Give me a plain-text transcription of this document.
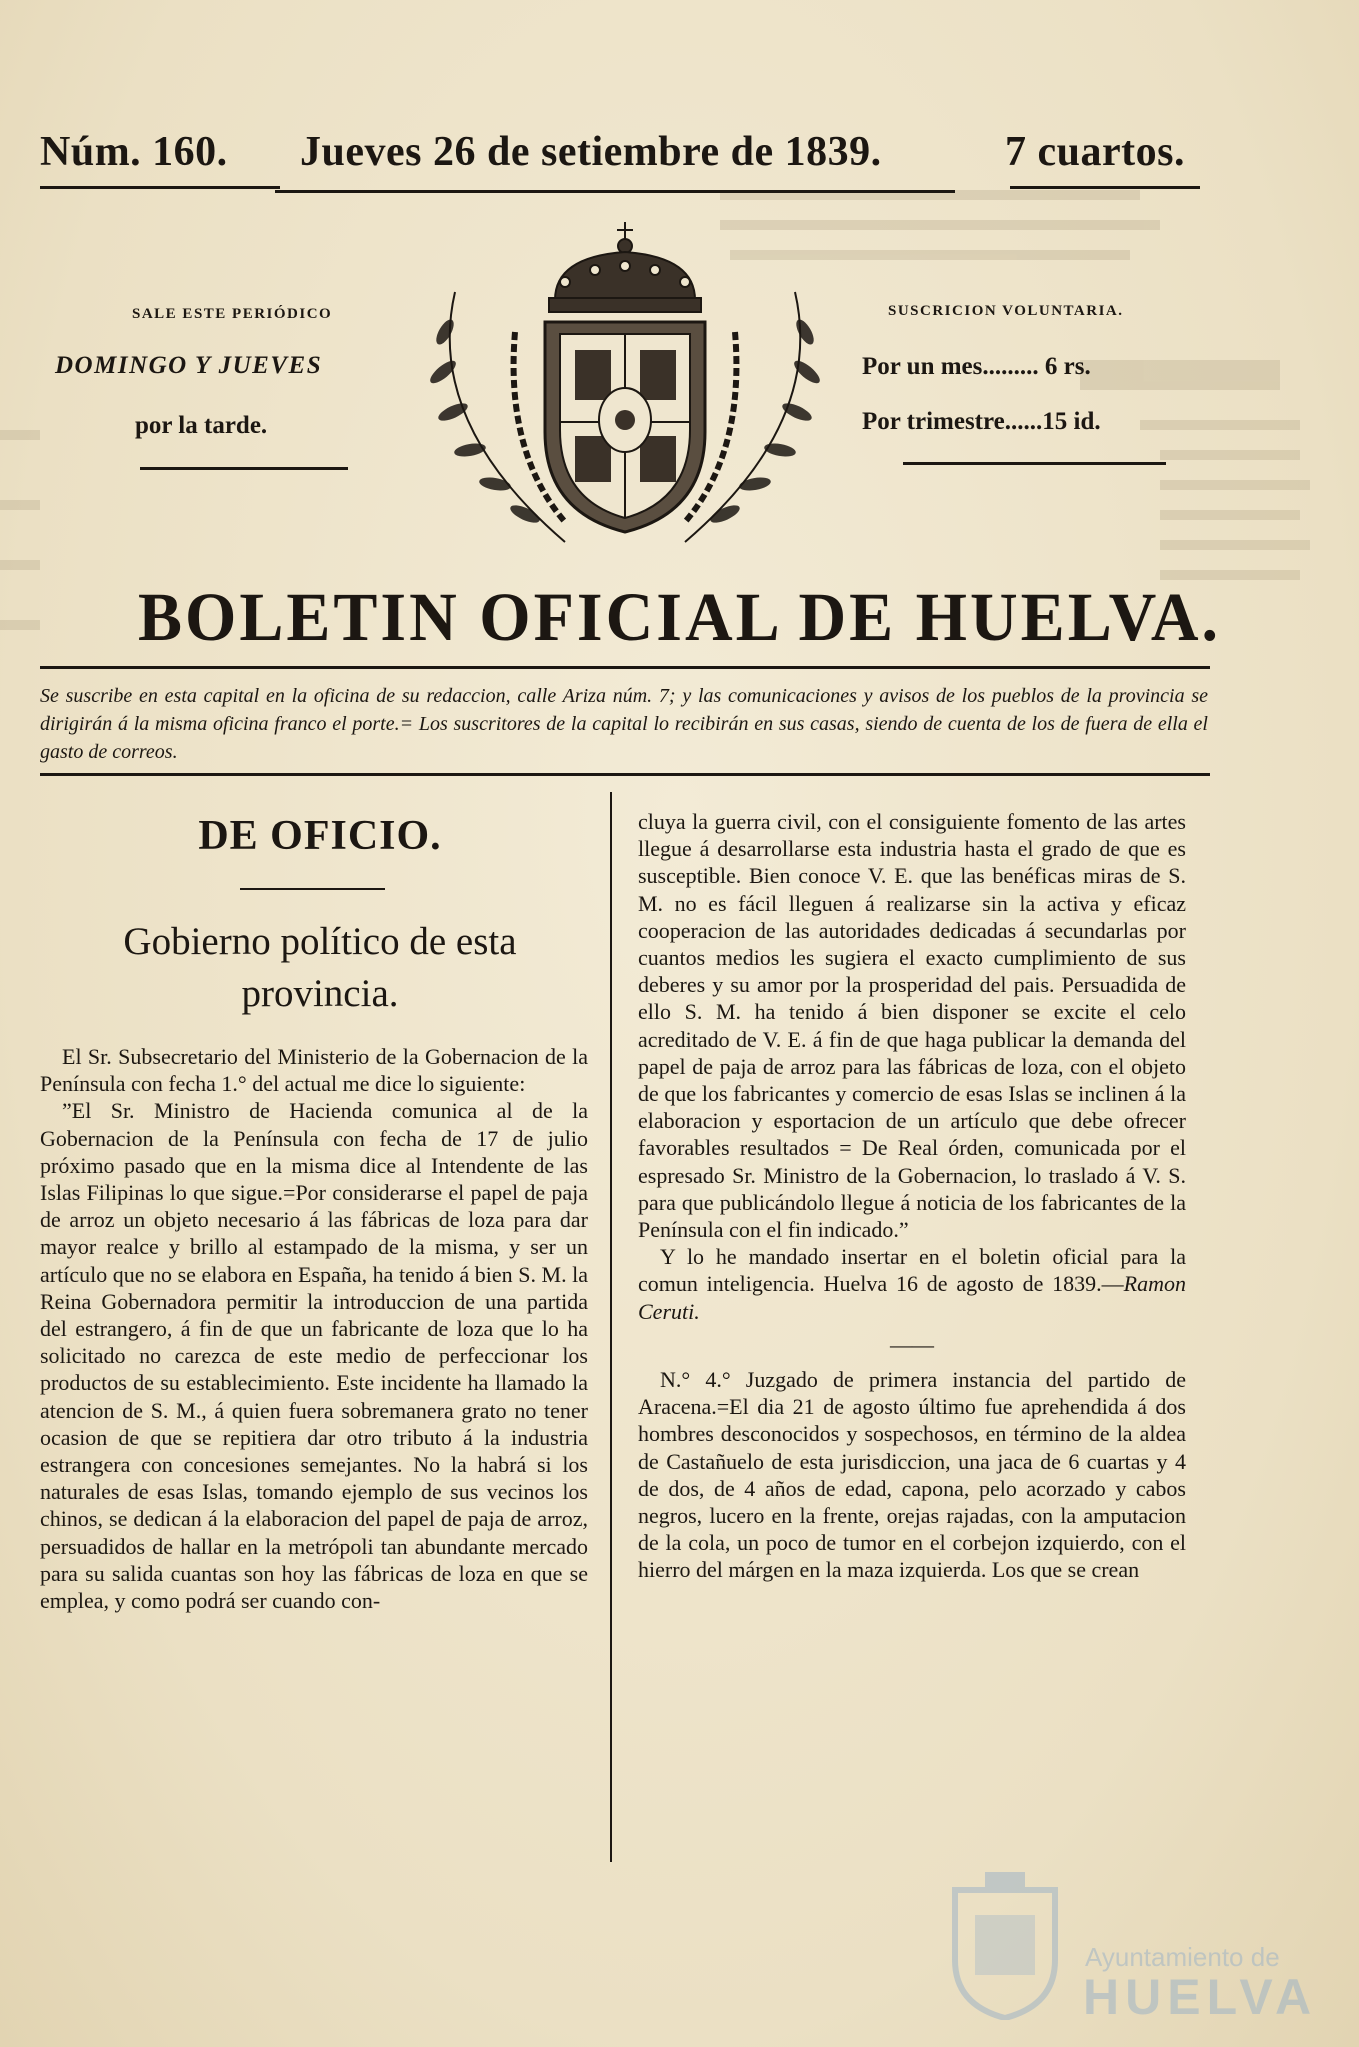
Núm. 160. Jueves 26 de setiembre de 1839.	7 cuartos.
SALE ESTE PERIÓDICO
DOMINGO Y JUEVES
por la tarde.
SUSCRICION VOLUNTARIA.
Por un mes......... 6 rs.
Por trimestre......15 id.
BOLETIN OFICIAL DE HUELVA.
Se suscribe en esta capital en la oficina de su redaccion, calle Ariza núm. 7; y las comunicaciones y avisos de los pueblos de la provincia se dirigirán á la misma oficina franco el porte.= Los suscritores de la capital lo recibirán en sus casas, siendo de cuenta de los de fuera de ella el gasto de correos.
DE OFICIO.
Gobierno político de esta
provincia.

El Sr. Subsecretario del Ministerio de la Gobernacion de la Península con fecha 1.° del actual me dice lo siguiente:

”El Sr. Ministro de Hacienda comunica al de la Gobernacion de la Península con fecha de 17 de julio próximo pasado que en la misma dice al Intendente de las Islas Filipinas lo que sigue.=Por considerarse el papel de paja de arroz un objeto necesario á las fábricas de loza para dar mayor realce y brillo al estampado de la misma, y ser un artículo que no se elabora en España, ha tenido á bien S. M. la Reina Gobernadora permitir la introduccion de una partida del estrangero, á fin de que un fabricante de loza que lo ha solicitado no carezca de este medio de perfeccionar los productos de su establecimiento. Este incidente ha llamado la atencion de S. M., á quien fuera sobremanera grato no tener ocasion de que se repitiera dar otro tributo á la industria estrangera con concesiones semejantes. No la habrá si los naturales de esas Islas, tomando ejemplo de sus vecinos los chinos, se dedican á la elaboracion del papel de paja de arroz, persuadidos de hallar en la metrópoli tan abundante mercado para su salida cuantas son hoy las fábricas de loza en que se emplea, y como podrá ser cuando con-

cluya la guerra civil, con el consiguiente fomento de las artes llegue á desarrollarse esta industria hasta el grado de que es susceptible. Bien conoce V. E. que las benéficas miras de S. M. no es fácil lleguen á realizarse sin la activa y eficaz cooperacion de las autoridades dedicadas á secundarlas por cuantos medios les sugiera el exacto cumplimiento de sus deberes y su amor por la prosperidad del pais. Persuadida de ello S. M. ha tenido á bien disponer se excite el celo acreditado de V. E. á fin de que haga publicar la demanda del papel de paja de arroz para las fábricas de loza, con el objeto de que los fabricantes y comercio de esas Islas se inclinen á la elaboracion y esportacion de un artículo que debe ofrecer favorables resultados = De Real órden, comunicada por el espresado Sr. Ministro de la Gobernacion, lo traslado á V. S. para que publicándolo llegue á noticia de los fabricantes de la Península con el fin indicado.”

Y lo he mandado insertar en el boletin oficial para la comun inteligencia. Huelva 16 de agosto de 1839.—Ramon Ceruti.

——

N.° 4.° Juzgado de primera instancia del partido de Aracena.=El dia 21 de agosto último fue aprehendida á dos hombres desconocidos y sospechosos, en término de la aldea de Castañuelo de esta jurisdiccion, una jaca de 6 cuartas y 4 de dos, de 4 años de edad, capona, pelo acorzado y cabos negros, lucero en la frente, orejas rajadas, con la amputacion de la cola, un poco de tumor en el corbejon izquierdo, con el hierro del márgen en la maza izquierda. Los que se crean

Ayuntamiento de
HUELVA
